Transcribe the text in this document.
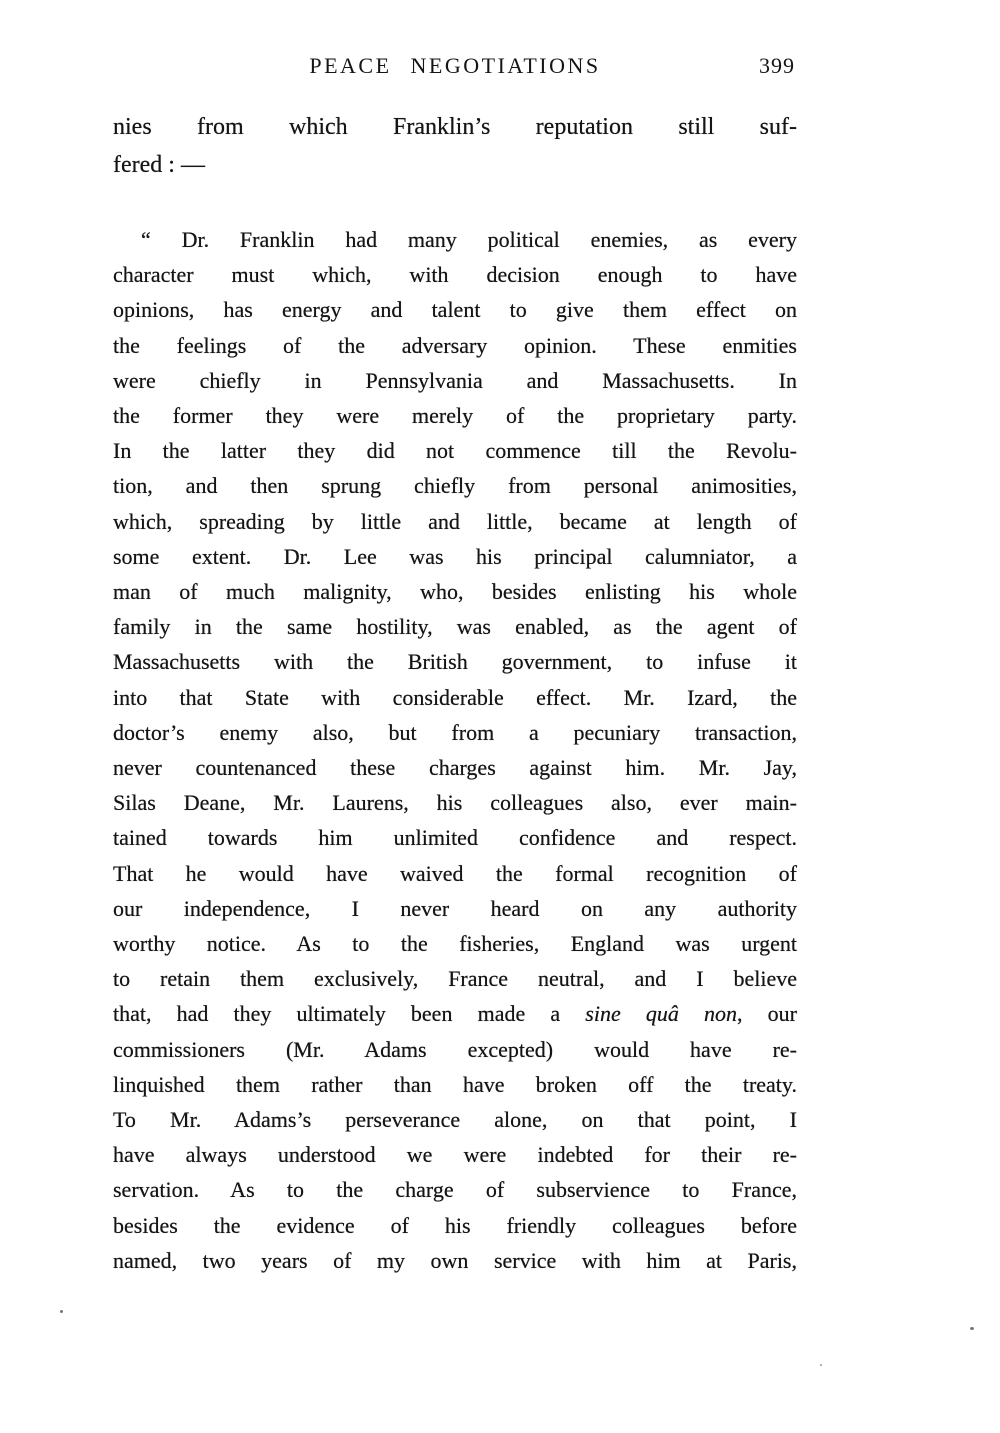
PEACE NEGOTIATIONS	399
nies from which Franklin’s reputation still suf-
fered : —
“ Dr. Franklin had many political enemies, as every
character must which, with decision enough to have
opinions, has energy and talent to give them effect on
the feelings of the adversary opinion. These enmities
were chiefly in Pennsylvania and Massachusetts. In
the former they were merely of the proprietary party.
In the latter they did not commence till the Revolu-
tion, and then sprung chiefly from personal animosities,
which, spreading by little and little, became at length of
some extent. Dr. Lee was his principal calumniator, a
man of much malignity, who, besides enlisting his whole
family in the same hostility, was enabled, as the agent of
Massachusetts with the British government, to infuse it
into that State with considerable effect. Mr. Izard, the
doctor’s enemy also, but from a pecuniary transaction,
never countenanced these charges against him. Mr. Jay,
Silas Deane, Mr. Laurens, his colleagues also, ever main-
tained towards him unlimited confidence and respect.
That he would have waived the formal recognition of
our independence, I never heard on any authority
worthy notice. As to the fisheries, England was urgent
to retain them exclusively, France neutral, and I believe
that, had they ultimately been made a sine quâ non, our
commissioners (Mr. Adams excepted) would have re-
linquished them rather than have broken off the treaty.
To Mr. Adams’s perseverance alone, on that point, I
have always understood we were indebted for their re-
servation. As to the charge of subservience to France,
besides the evidence of his friendly colleagues before
named, two years of my own service with him at Paris,
